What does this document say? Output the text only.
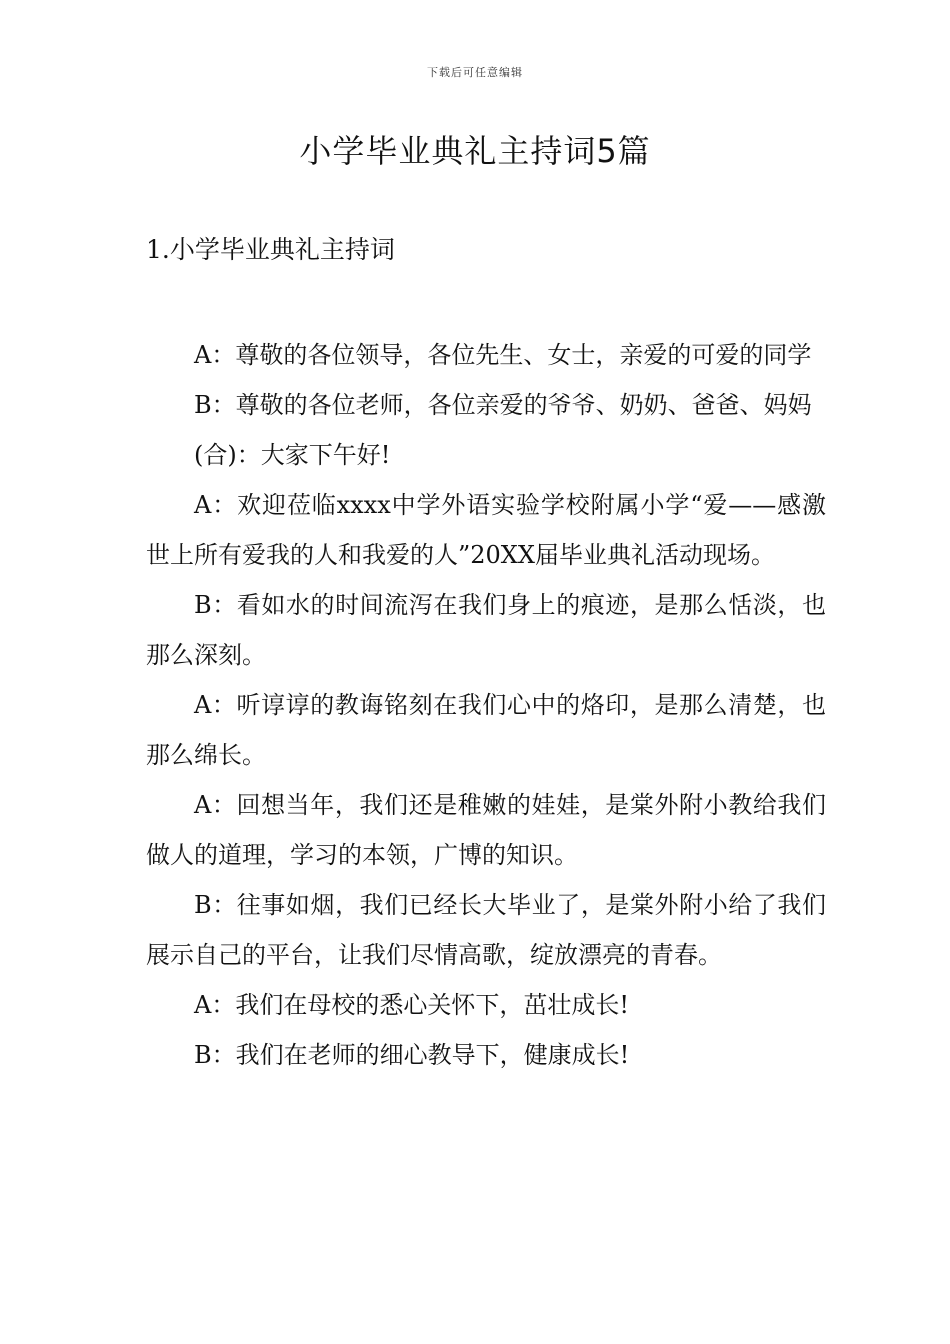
下载后可任意编辑
小学毕业典礼主持词5篇
1.小学毕业典礼主持词

A：尊敬的各位领导，各位先生、女士，亲爱的可爱的同学

B：尊敬的各位老师，各位亲爱的爷爷、奶奶、爸爸、妈妈

(合)：大家下午好!

A：欢迎莅临xxxx中学外语实验学校附属小学“爱——感激世上所有爱我的人和我爱的人”20XX届毕业典礼活动现场。

B：看如水的时间流泻在我们身上的痕迹，是那么恬淡，也那么深刻。

A：听谆谆的教诲铭刻在我们心中的烙印，是那么清楚，也那么绵长。

A：回想当年，我们还是稚嫩的娃娃，是棠外附小教给我们做人的道理，学习的本领，广博的知识。

B：往事如烟，我们已经长大毕业了，是棠外附小给了我们展示自己的平台，让我们尽情高歌，绽放漂亮的青春。

A：我们在母校的悉心关怀下，茁壮成长!

B：我们在老师的细心教导下，健康成长!
